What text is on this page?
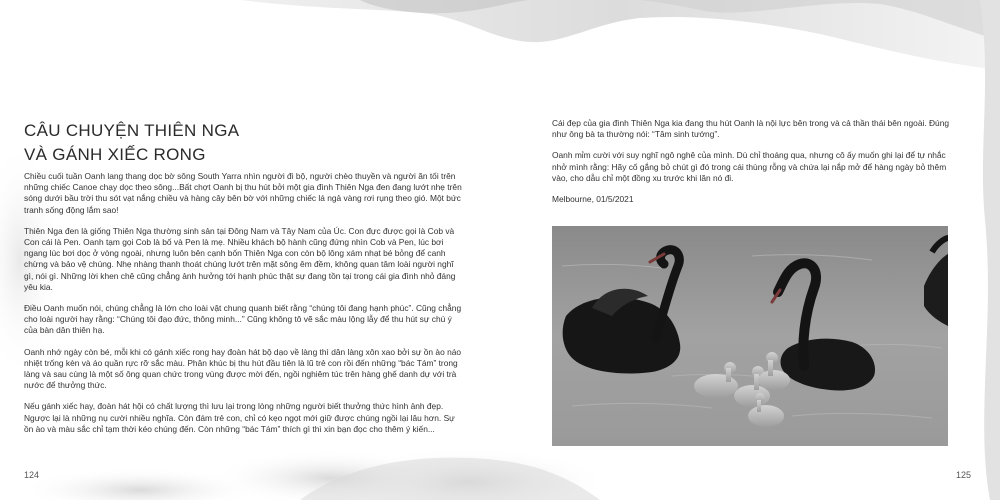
CÂU CHUYỆN THIÊN NGA
VÀ GÁNH XIẾC RONG

Chiều cuối tuần Oanh lang thang dọc bờ sông South Yarra nhìn người đi bộ, người chèo thuyền và người ăn tối trên những chiếc Canoe chạy dọc theo sông...Bất chợt Oanh bị thu hút bởi một gia đình Thiên Nga đen đang lướt nhẹ trên sóng dưới bầu trời thu sót vạt nắng chiều và hàng cây bên bờ với những chiếc lá ngả vàng rơi rụng theo gió. Một bức tranh sống động lắm sao!

Thiên Nga đen là giống Thiên Nga thường sinh sản tại Đông Nam và Tây Nam của Úc. Con đực được gọi là Cob và Con cái là Pen. Oanh tạm gọi Cob là bố và Pen là mẹ. Nhiều khách bộ hành cũng đứng nhìn Cob và Pen, lúc bơi ngang lúc bơi dọc ở vòng ngoài, nhưng luôn bên cạnh bốn Thiên Nga con còn bộ lông xám nhạt bé bỏng để canh chừng và bảo vệ chúng. Nhẹ nhàng thanh thoát chúng lướt trên mặt sông êm đềm, không quan tâm loài người nghĩ gì, nói gì. Những lời khen chê cũng chẳng ảnh hưởng tới hạnh phúc thật sự đang tồn tại trong cái gia đình nhỏ đáng yêu kia.

Điều Oanh muốn nói, chúng chẳng là lớn cho loài vật chung quanh biết rằng “chúng tôi đang hạnh phúc”. Cũng chẳng cho loài người hay rằng: “Chúng tôi đạo đức, thông minh...” Cũng không tô vẽ sắc màu lộng lẫy để thu hút sự chú ý của bàn dân thiên hạ.

Oanh nhớ ngày còn bé, mỗi khi có gánh xiếc rong hay đoàn hát bộ dạo về làng thì dân làng xôn xao bởi sự ồn ào náo nhiệt trống kèn và áo quần rực rỡ sắc màu. Phân khúc bị thu hút đầu tiên là lũ trẻ con rồi đến những “bác Tám” trong làng và sau cùng là một số ông quan chức trong vùng được mời đến, ngồi nghiêm túc trên hàng ghế danh dự với trà nước để thưởng thức.

Nếu gánh xiếc hay, đoàn hát hội có chất lượng thì lưu lại trong lòng những người biết thưởng thức hình ảnh đẹp. Ngược lại là những nụ cười nhiều nghĩa. Còn đám trẻ con, chỉ có kẹo ngọt mới giữ được chúng ngồi lại lâu hơn. Sự ồn ào và màu sắc chỉ tạm thời kéo chúng đến. Còn những “bác Tám” thích gì thì xin bạn đọc cho thêm ý kiến...

124

Cái đẹp của gia đình Thiên Nga kia đang thu hút Oanh là nội lực bên trong và cả thần thái bên ngoài. Đúng như ông bà ta thường nói: “Tâm sinh tướng”.

Oanh mỉm cười với suy nghĩ ngô nghê của mình. Dù chỉ thoáng qua, nhưng cô ấy muốn ghi lại để tự nhắc nhở mình rằng: Hãy cố gắng bỏ chút gì đó trong cái thùng rỗng và chứa lại nắp mở để hàng ngày bỏ thêm vào, cho dẫu chỉ một đồng xu trước khi lăn nó đi.

Melbourne, 01/5/2021

125
